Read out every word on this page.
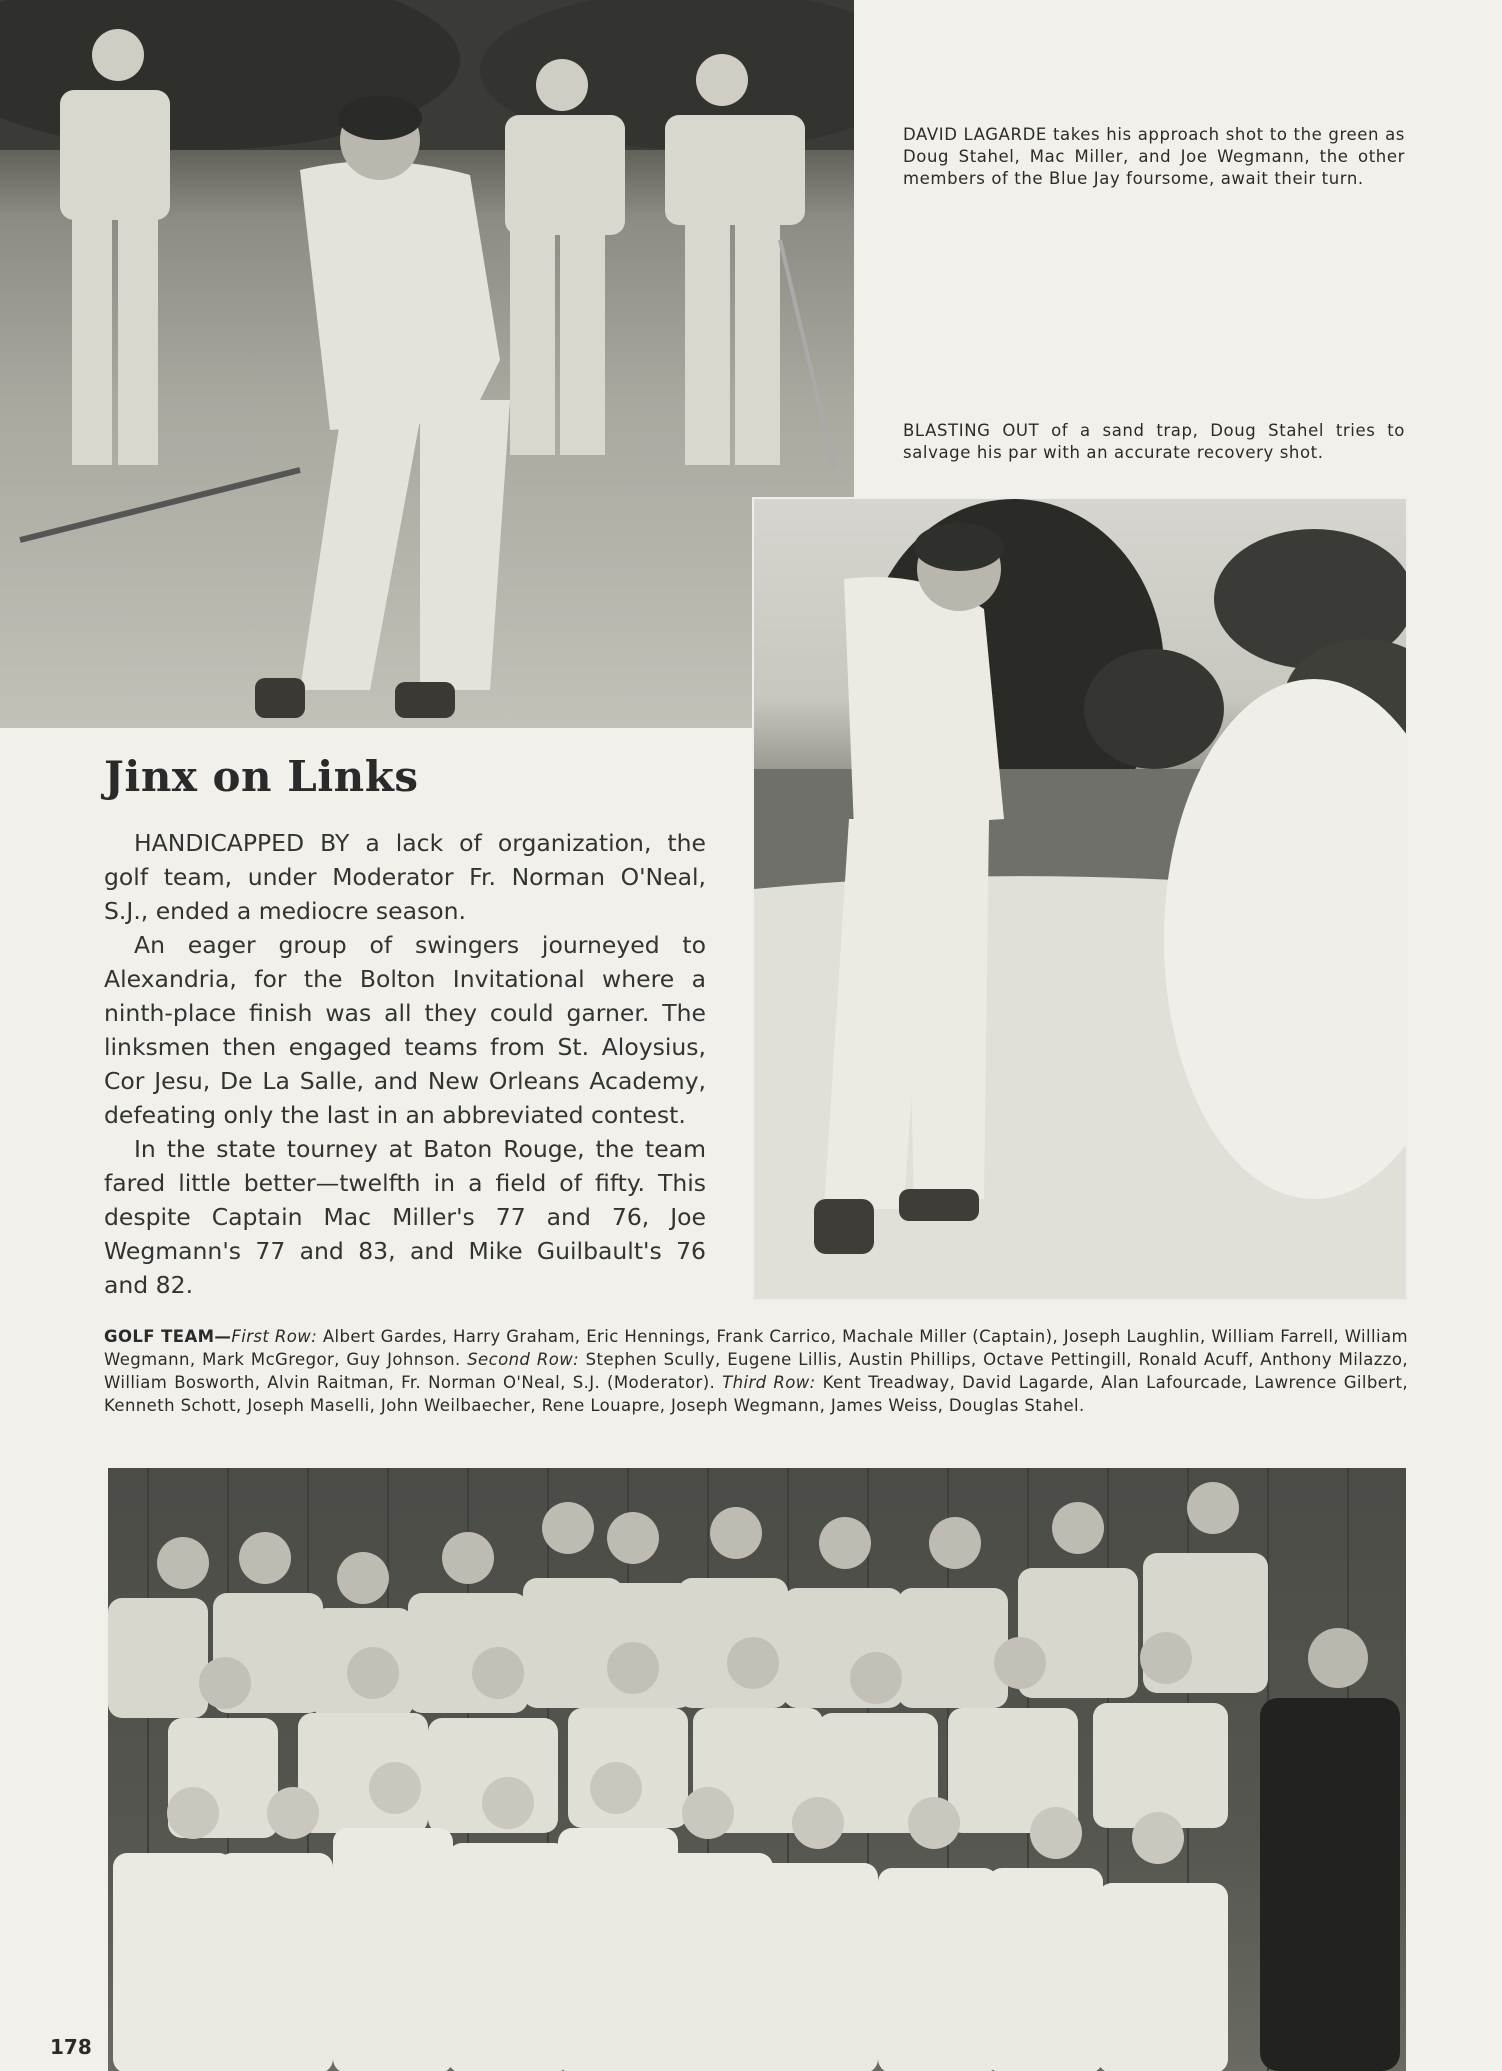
DAVID LAGARDE takes his approach shot to the green as Doug Stahel, Mac Miller, and Joe Wegmann, the other members of the Blue Jay foursome, await their turn.
BLASTING OUT of a sand trap, Doug Stahel tries to salvage his par with an accurate recovery shot.
Jinx on Links

HANDICAPPED BY a lack of organization, the golf team, under Moderator Fr. Norman O'Neal, S.J., ended a mediocre season.

An eager group of swingers journeyed to Alexandria, for the Bolton Invitational where a ninth-place finish was all they could garner. The linksmen then engaged teams from St. Aloysius, Cor Jesu, De La Salle, and New Orleans Academy, defeating only the last in an abbreviated contest.

In the state tourney at Baton Rouge, the team fared little better—twelfth in a field of fifty. This despite Captain Mac Miller's 77 and 76, Joe Wegmann's 77 and 83, and Mike Guilbault's 76 and 82.

GOLF TEAM—First Row: Albert Gardes, Harry Graham, Eric Hennings, Frank Carrico, Machale Miller (Captain), Joseph Laughlin, William Farrell, William Wegmann, Mark McGregor, Guy Johnson. Second Row: Stephen Scully, Eugene Lillis, Austin Phillips, Octave Pettingill, Ronald Acuff, Anthony Milazzo, William Bosworth, Alvin Raitman, Fr. Norman O'Neal, S.J. (Moderator). Third Row: Kent Treadway, David Lagarde, Alan Lafourcade, Lawrence Gilbert, Kenneth Schott, Joseph Maselli, John Weilbaecher, Rene Louapre, Joseph Wegmann, James Weiss, Douglas Stahel.
178
